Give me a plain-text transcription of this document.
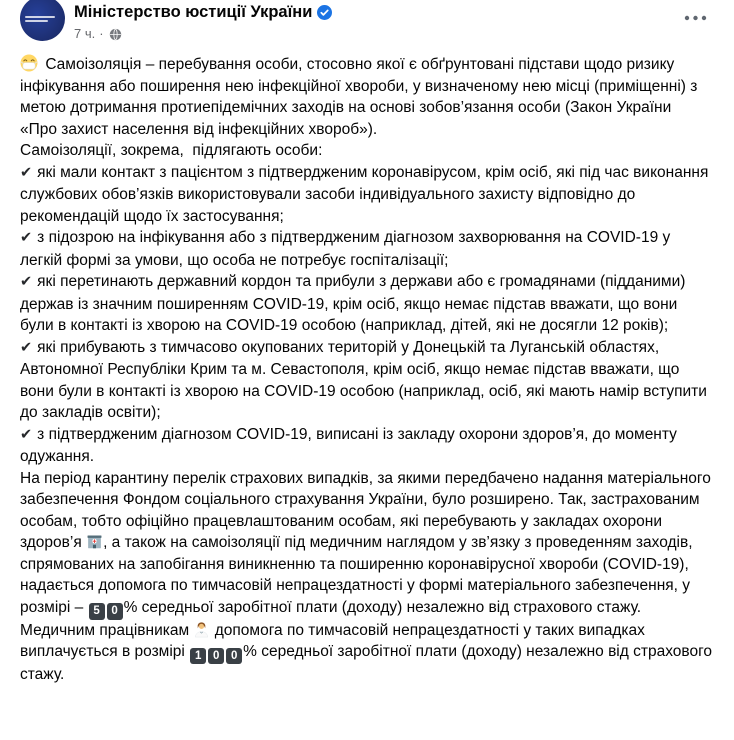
Міністерство юстиції України
7 ч. ·

Самоізоляція – перебування особи, стосовно якої є обґрунтовані підстави щодо ризику інфікування або поширення нею інфекційної хвороби, у визначеному нею місці (приміщенні) з метою дотримання протиепідемічних заходів на основі зобов’язання особи (Закон України «Про захист населення від інфекційних хвороб»).

Самоізоляції, зокрема,  підлягають особи:

✔ які мали контакт з пацієнтом з підтвердженим коронавірусом, крім осіб, які під час виконання службових обов’язків використовували засоби індивідуального захисту відповідно до рекомендацій щодо їх застосування;

✔ з підозрою на інфікування або з підтвердженим діагнозом захворювання на COVID-19 у легкій формі за умови, що особа не потребує госпіталізації;

✔ які перетинають державний кордон та прибули з держави або є громадянами (підданими) держав із значним поширенням COVID-19, крім осіб, якщо немає підстав вважати, що вони були в контакті із хворою на COVID-19 особою (наприклад, дітей, які не досягли 12 років);

✔ які прибувають з тимчасово окупованих територій у Донецькій та Луганській областях, Автономної Республіки Крим та м. Севастополя, крім осіб, якщо немає підстав вважати, що вони були в контакті із хворою на COVID-19 особою (наприклад, осіб, які мають намір вступити до закладів освіти);

✔ з підтвердженим діагнозом COVID-19, виписані із закладу охорони здоров’я, до моменту одужання.

На період карантину перелік страхових випадків, за якими передбачено надання матеріального забезпечення Фондом соціального страхування України, було розширено. Так, застрахованим особам, тобто офіційно працевлаштованим особам, які перебувають у закладах охорони здоров’я , а також на самоізоляції під медичним наглядом у зв’язку з проведенням заходів, спрямованих на запобігання виникненню та поширенню коронавірусної хвороби (COVID-19), надається допомога по тимчасовій непрацездатності у формі матеріального забезпечення, у розмірі – 5 0 % середньої заробітної плати (доходу) незалежно від страхового стажу. Медичним працівникам  допомога по тимчасовій непрацездатності у таких випадках виплачується в розмірі 1 0 0 % середньої заробітної плати (доходу) незалежно від страхового стажу.
